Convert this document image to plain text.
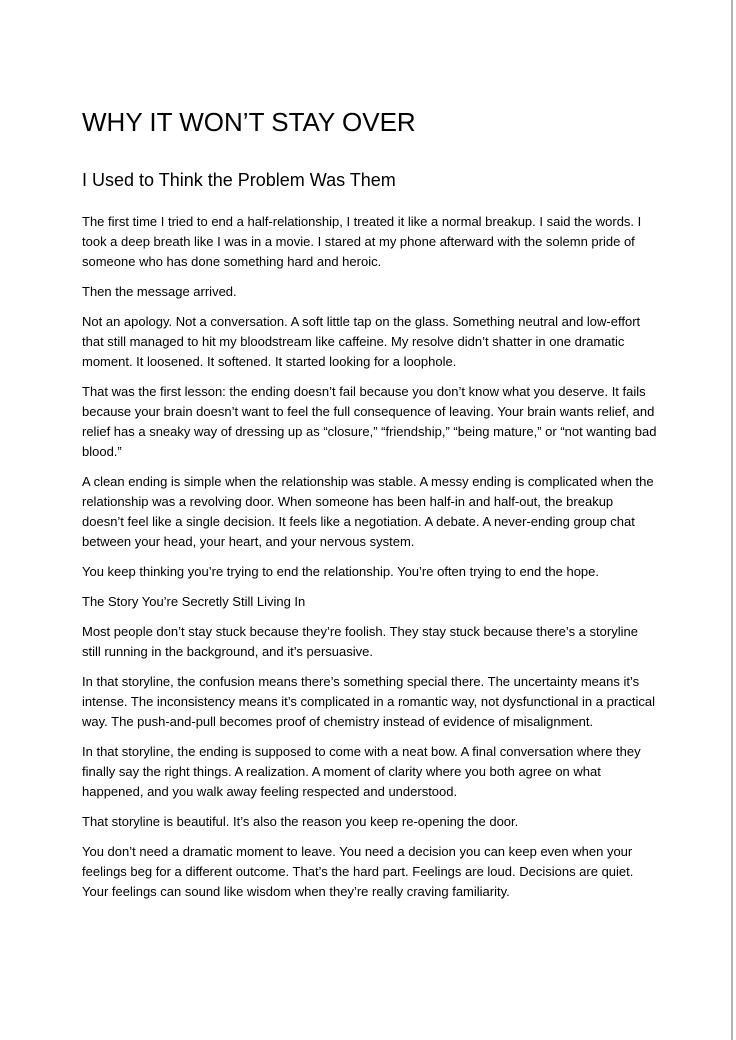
WHY IT WON’T STAY OVER
I Used to Think the Problem Was Them

The first time I tried to end a half-relationship, I treated it like a normal breakup. I said the words. I took a deep breath like I was in a movie. I stared at my phone afterward with the solemn pride of someone who has done something hard and heroic.

Then the message arrived.

Not an apology. Not a conversation. A soft little tap on the glass. Something neutral and low-effort that still managed to hit my bloodstream like caffeine. My resolve didn’t shatter in one dramatic moment. It loosened. It softened. It started looking for a loophole.

That was the first lesson: the ending doesn’t fail because you don’t know what you deserve. It fails because your brain doesn’t want to feel the full consequence of leaving. Your brain wants relief, and relief has a sneaky way of dressing up as “closure,” “friendship,” “being mature,” or “not wanting bad blood.”

A clean ending is simple when the relationship was stable. A messy ending is complicated when the relationship was a revolving door. When someone has been half-in and half-out, the breakup doesn’t feel like a single decision. It feels like a negotiation. A debate. A never-ending group chat between your head, your heart, and your nervous system.

You keep thinking you’re trying to end the relationship. You’re often trying to end the hope.

The Story You’re Secretly Still Living In

Most people don’t stay stuck because they’re foolish. They stay stuck because there’s a storyline still running in the background, and it’s persuasive.

In that storyline, the confusion means there’s something special there. The uncertainty means it’s intense. The inconsistency means it’s complicated in a romantic way, not dysfunctional in a practical way. The push-and-pull becomes proof of chemistry instead of evidence of misalignment.

In that storyline, the ending is supposed to come with a neat bow. A final conversation where they finally say the right things. A realization. A moment of clarity where you both agree on what happened, and you walk away feeling respected and understood.

That storyline is beautiful. It’s also the reason you keep re-opening the door.

You don’t need a dramatic moment to leave. You need a decision you can keep even when your feelings beg for a different outcome. That’s the hard part. Feelings are loud. Decisions are quiet. Your feelings can sound like wisdom when they’re really craving familiarity.
